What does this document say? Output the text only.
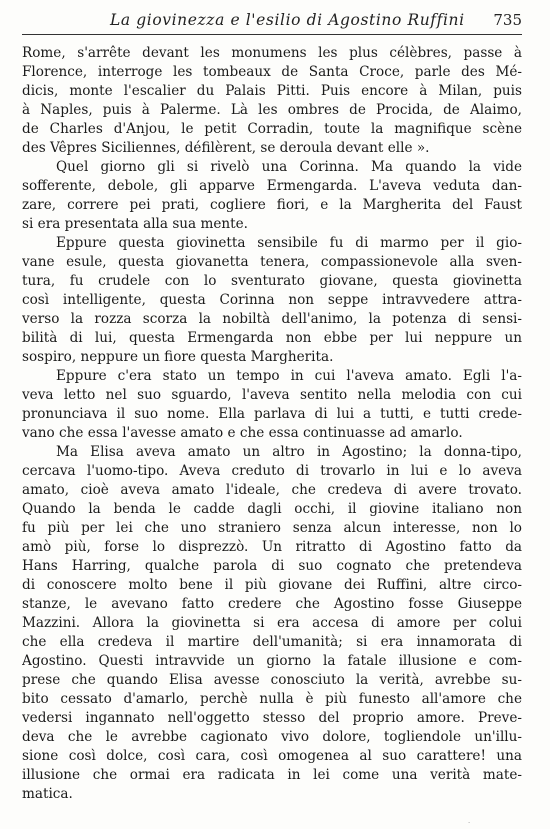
La giovinezza e l'esilio di Agostino Ruffini 735
Rome, s'arrête devant les monumens les plus célèbres, passe à
Florence, interroge les tombeaux de Santa Croce, parle des Mé-
dicis, monte l'escalier du Palais Pitti. Puis encore à Milan, puis
à Naples, puis à Palerme. Là les ombres de Procida, de Alaimo,
de Charles d'Anjou, le petit Corradin, toute la magnifique scène
des Vêpres Siciliennes, défilèrent, se deroula devant elle ».
Quel giorno gli si rivelò una Corinna. Ma quando la vide
sofferente, debole, gli apparve Ermengarda. L'aveva veduta dan-
zare, correre pei prati, cogliere fiori, e la Margherita del Faust
si era presentata alla sua mente.
Eppure questa giovinetta sensibile fu di marmo per il gio-
vane esule, questa giovanetta tenera, compassionevole alla sven-
tura, fu crudele con lo sventurato giovane, questa giovinetta
così intelligente, questa Corinna non seppe intravvedere attra-
verso la rozza scorza la nobiltà dell'animo, la potenza di sensi-
bilità di lui, questa Ermengarda non ebbe per lui neppure un
sospiro, neppure un fiore questa Margherita.
Eppure c'era stato un tempo in cui l'aveva amato. Egli l'a-
veva letto nel suo sguardo, l'aveva sentito nella melodia con cui
pronunciava il suo nome. Ella parlava di lui a tutti, e tutti crede-
vano che essa l'avesse amato e che essa continuasse ad amarlo.
Ma Elisa aveva amato un altro in Agostino; la donna-tipo,
cercava l'uomo-tipo. Aveva creduto di trovarlo in lui e lo aveva
amato, cioè aveva amato l'ideale, che credeva di avere trovato.
Quando la benda le cadde dagli occhi, il giovine italiano non
fu più per lei che uno straniero senza alcun interesse, non lo
amò più, forse lo disprezzò. Un ritratto di Agostino fatto da
Hans Harring, qualche parola di suo cognato che pretendeva
di conoscere molto bene il più giovane dei Ruffini, altre circo-
stanze, le avevano fatto credere che Agostino fosse Giuseppe
Mazzini. Allora la giovinetta si era accesa di amore per colui
che ella credeva il martire dell'umanità; si era innamorata di
Agostino. Questi intravvide un giorno la fatale illusione e com-
prese che quando Elisa avesse conosciuto la verità, avrebbe su-
bito cessato d'amarlo, perchè nulla è più funesto all'amore che
vedersi ingannato nell'oggetto stesso del proprio amore. Preve-
deva che le avrebbe cagionato vivo dolore, togliendole un'illu-
sione così dolce, così cara, così omogenea al suo carattere! una
illusione che ormai era radicata in lei come una verità mate-
matica.
·
